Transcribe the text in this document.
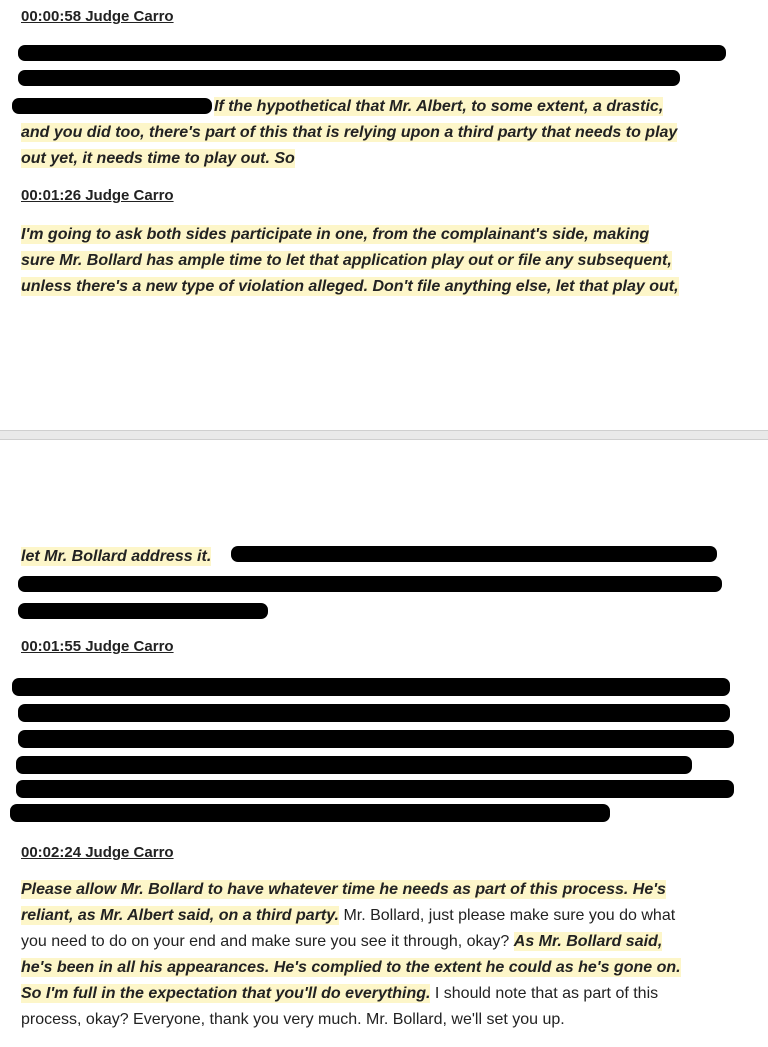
00:00:58 Judge Carro
If the hypothetical that Mr. Albert, to some extent, a drastic,
and you did too, there's part of this that is relying upon a third party that needs to play
out yet, it needs time to play out. So
00:01:26 Judge Carro
I'm going to ask both sides participate in one, from the complainant's side, making
sure Mr. Bollard has ample time to let that application play out or file any subsequent,
unless there's a new type of violation alleged. Don't file anything else, let that play out,
let Mr. Bollard address it.
00:01:55 Judge Carro
00:02:24 Judge Carro
Please allow Mr. Bollard to have whatever time he needs as part of this process. He's
reliant, as Mr. Albert said, on a third party. Mr. Bollard, just please make sure you do what
you need to do on your end and make sure you see it through, okay? As Mr. Bollard said,
he's been in all his appearances. He's complied to the extent he could as he's gone on.
So I'm full in the expectation that you'll do everything. I should note that as part of this
process, okay? Everyone, thank you very much. Mr. Bollard, we'll set you up.
